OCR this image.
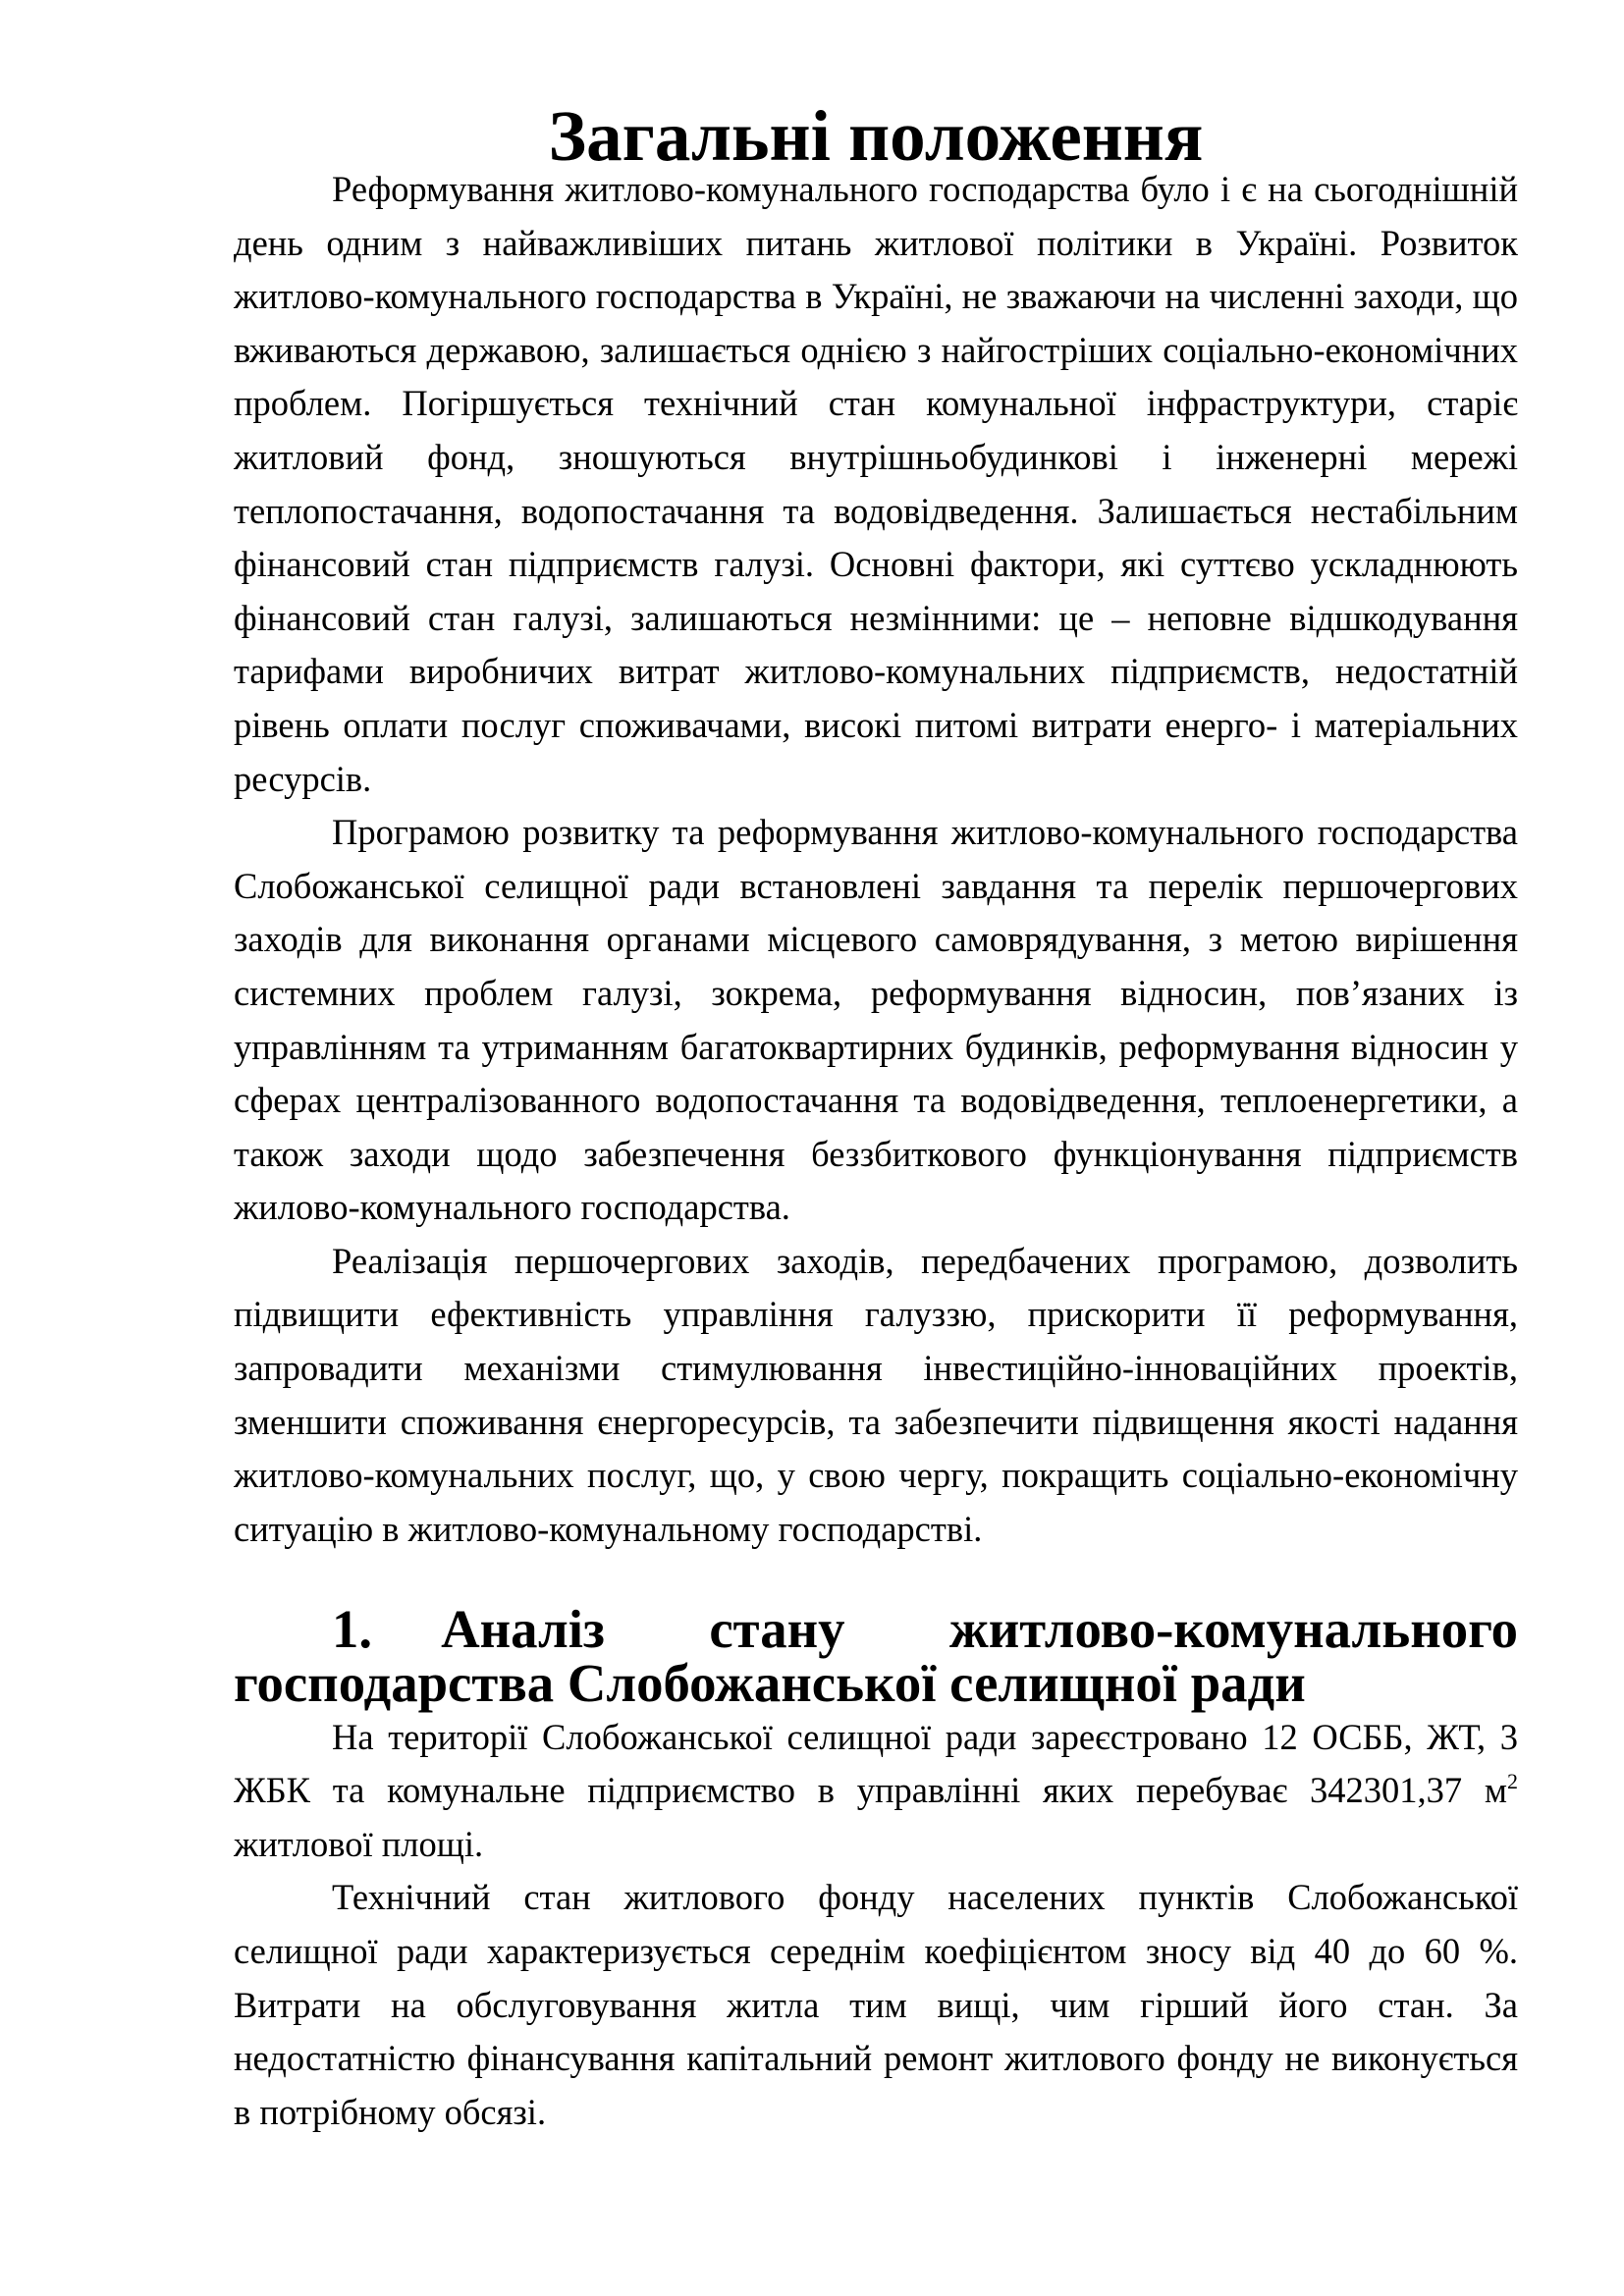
Загальні положення

Реформування житлово-комунального господарства було і є на сьогоднішній день одним з найважливіших питань житлової політики в Україні. Розвиток житлово-комунального господарства в Україні, не зважаючи на численні заходи, що вживаються державою, залишається однією з найгостріших соціально-економічних проблем. Погіршується технічний стан комунальної інфраструктури, старіє житловий фонд, зношуються внутрішньобудинкові і інженерні мережі теплопостачання, водопостачання та водовідведення. Залишається нестабільним фінансовий стан підприємств галузі. Основні фактори, які суттєво ускладнюють фінансовий стан галузі, залишаються незмінними: це – неповне відшкодування тарифами виробничих витрат житлово-комунальних підприємств, недостатній рівень оплати послуг споживачами, високі питомі витрати енерго- і матеріальних ресурсів.

Програмою розвитку та реформування житлово-комунального господарства Слобожанської селищної ради встановлені завдання та перелік першочергових заходів для виконання органами місцевого самоврядування, з метою вирішення системних проблем галузі, зокрема, реформування відносин, пов’язаних із управлінням та утриманням багатоквартирних будинків, реформування відносин у сферах централізованного водопостачання та водовідведення, теплоенергетики, а також заходи щодо забезпечення беззбиткового функціонування підприємств жилово-комунального господарства.

Реалізація першочергових заходів, передбачених програмою, дозволить підвищити ефективність управління галуззю, прискорити її реформування, запровадити механізми стимулювання інвестиційно-інноваційних проектів, зменшити споживання єнергоресурсів, та забезпечити підвищення якості надання житлово-комунальних послуг, що, у свою чергу, покращить соціально-економічну ситуацію в житлово-комунальному господарстві.

1. Аналіз стану житлово-комунального господарства Слобожанської селищної ради

На території Слобожанської селищної ради зареєстровано 12 ОСББ, ЖТ, 3 ЖБК та комунальне підприємство в управлінні яких перебуває 342301,37 $м^2$ житлової площі.

Технічний стан житлового фонду населених пунктів Слобожанської селищної ради характеризується середнім коефіцієнтом зносу від 40 до 60 %. Витрати на обслуговування житла тим вищі, чим гірший його стан. За недостатністю фінансування капітальний ремонт житлового фонду не виконується в потрібному обсязі.
